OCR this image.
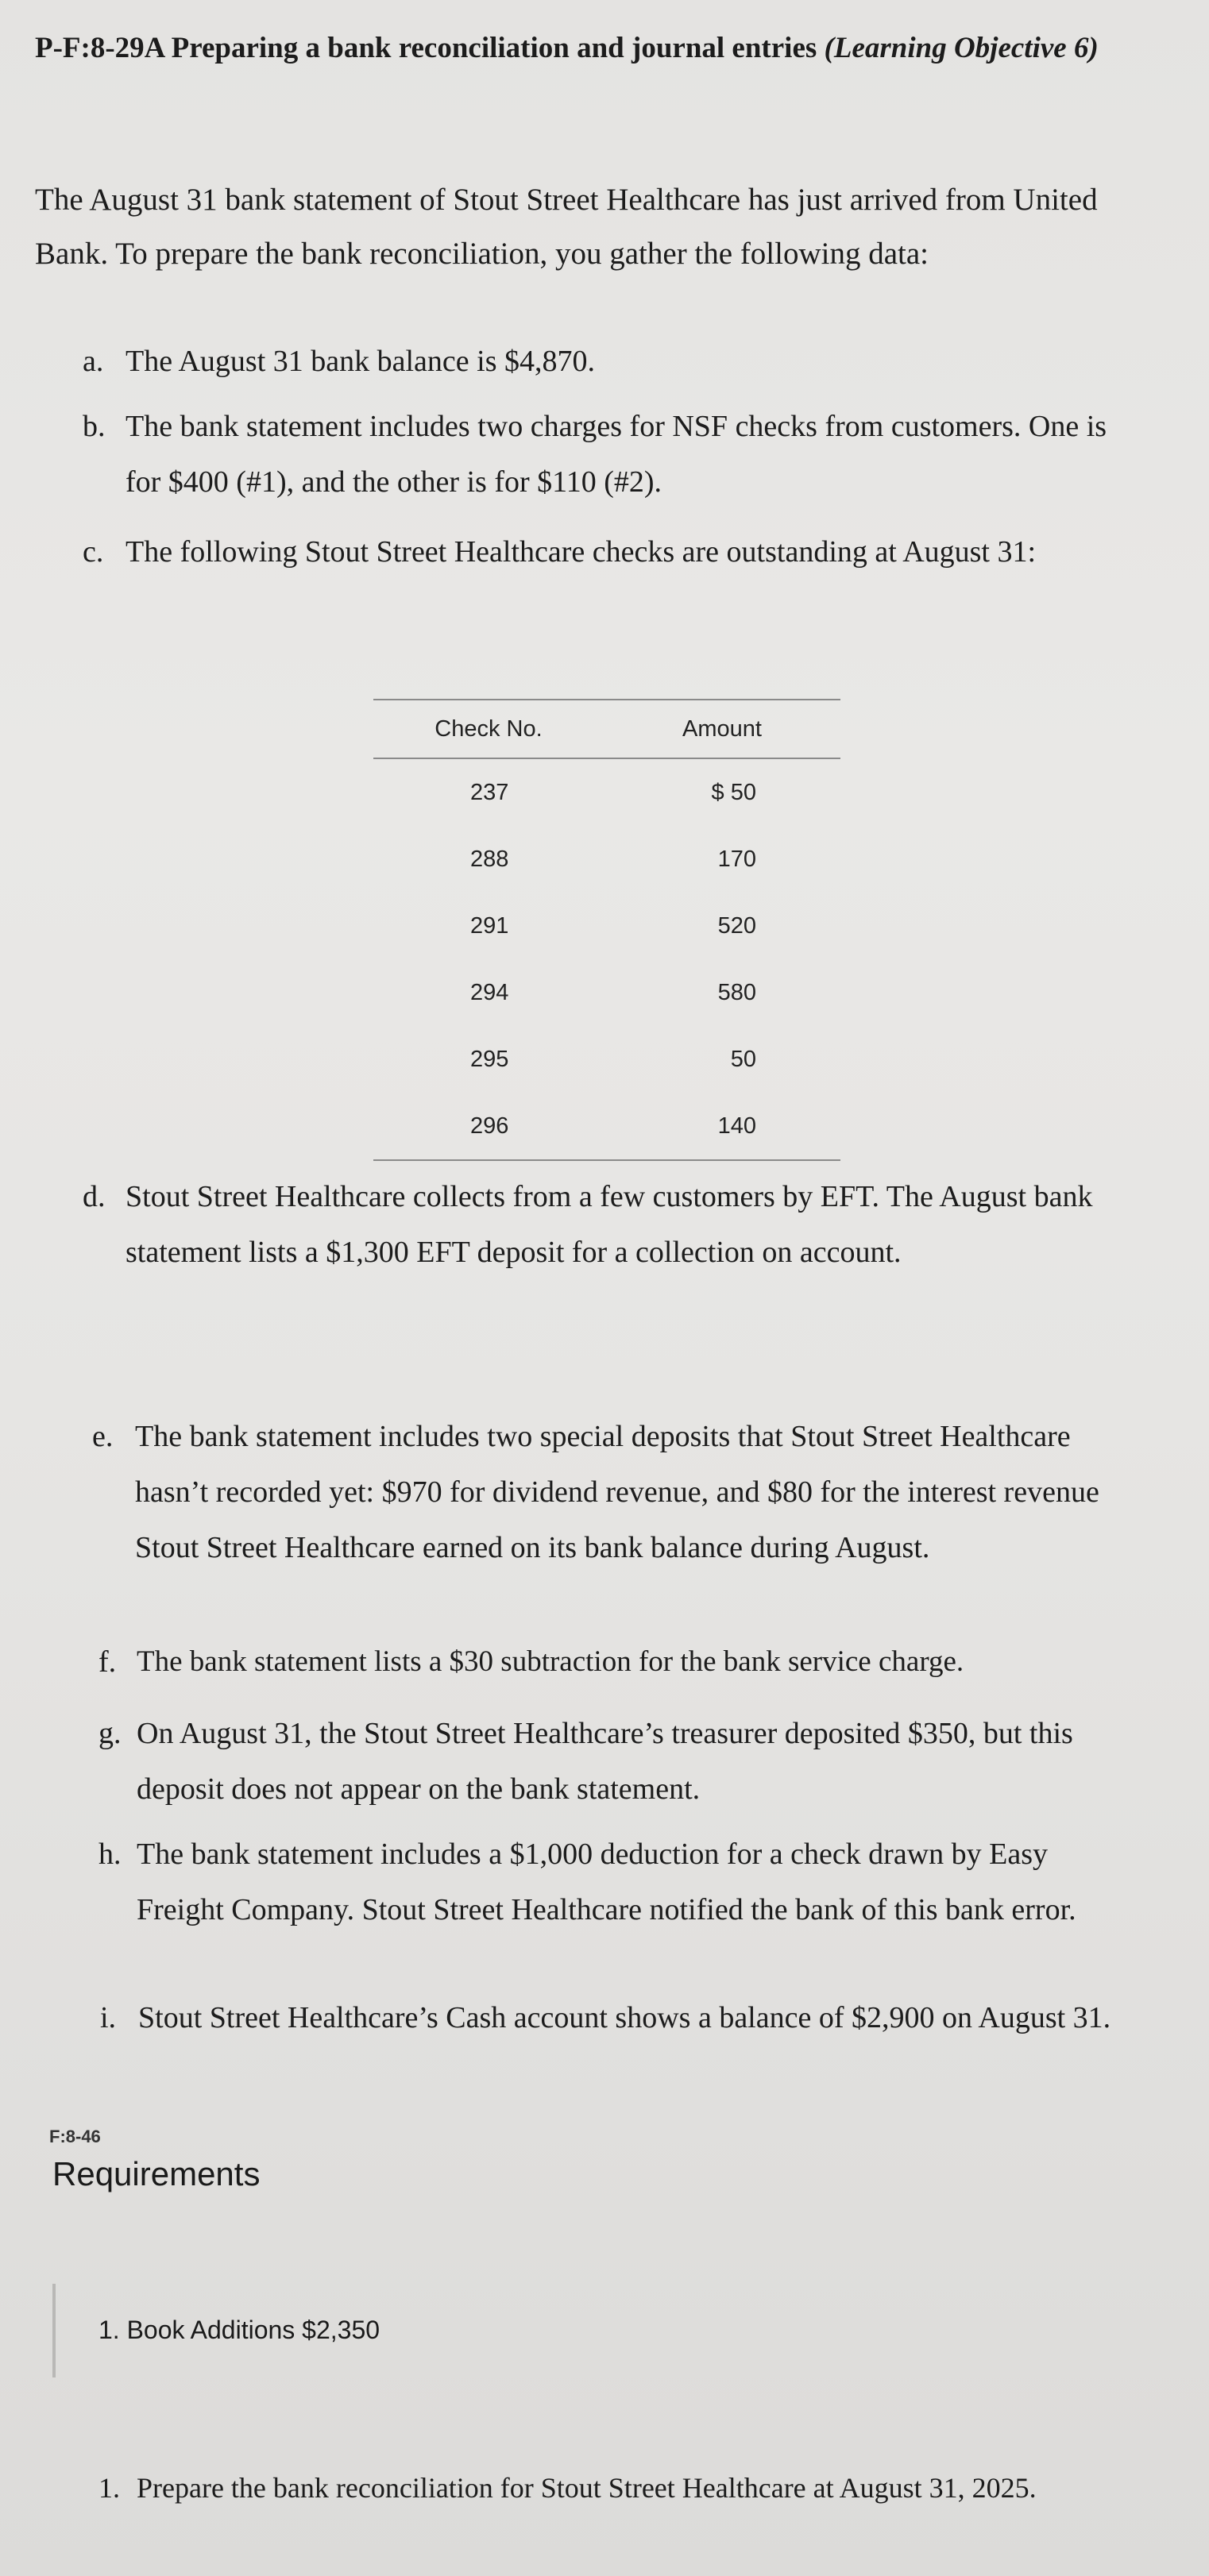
P-F:8-29A Preparing a bank reconciliation and journal entries (Learning Objective 6)

The August 31 bank statement of Stout Street Healthcare has just arrived from United Bank. To prepare the bank reconciliation, you gather the following data:

a. The August 31 bank balance is $4,870.
b. The bank statement includes two charges for NSF checks from customers. One is for $400 (#1), and the other is for $110 (#2).
c. The following Stout Street Healthcare checks are outstanding at August 31:
Check No.	Amount
237	$ 50
288	170
291	520
294	580
295	50
296	140
d. Stout Street Healthcare collects from a few customers by EFT. The August bank statement lists a $1,300 EFT deposit for a collection on account.
e. The bank statement includes two special deposits that Stout Street Healthcare hasn’t recorded yet: $970 for dividend revenue, and $80 for the interest revenue Stout Street Healthcare earned on its bank balance during August.
f. The bank statement lists a $30 subtraction for the bank service charge.
g. On August 31, the Stout Street Healthcare’s treasurer deposited $350, but this deposit does not appear on the bank statement.
h. The bank statement includes a $1,000 deduction for a check drawn by Easy Freight Company. Stout Street Healthcare notified the bank of this bank error.
i. Stout Street Healthcare’s Cash account shows a balance of $2,900 on August 31.
F:8-46
Requirements
1. Book Additions $2,350
1. Prepare the bank reconciliation for Stout Street Healthcare at August 31, 2025.
